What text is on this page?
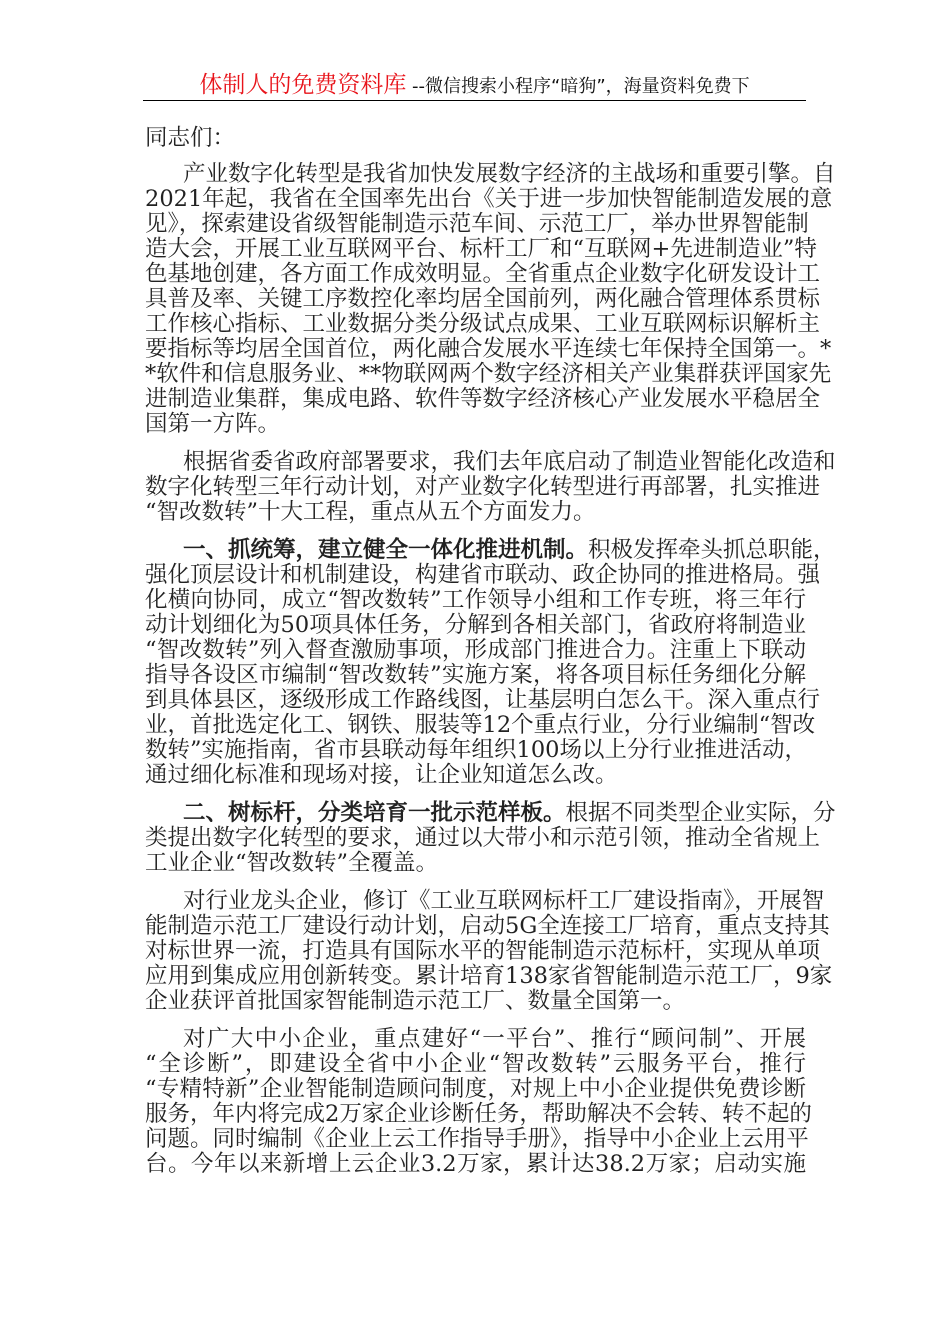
体制人的免费资料库 --微信搜索小程序“暗狗”，海量资料免费下
同志们：
产业数字化转型是我省加快发展数字经济的主战场和重要引擎。自
2021年起，我省在全国率先出台《关于进一步加快智能制造发展的意
见》，探索建设省级智能制造示范车间、示范工厂，举办世界智能制
造大会，开展工业互联网平台、标杆工厂和“互联网+先进制造业”特
色基地创建，各方面工作成效明显。全省重点企业数字化研发设计工
具普及率、关键工序数控化率均居全国前列，两化融合管理体系贯标
工作核心指标、工业数据分类分级试点成果、工业互联网标识解析主
要指标等均居全国首位，两化融合发展水平连续七年保持全国第一。*
*软件和信息服务业、**物联网两个数字经济相关产业集群获评国家先
进制造业集群，集成电路、软件等数字经济核心产业发展水平稳居全
国第一方阵。
根据省委省政府部署要求，我们去年底启动了制造业智能化改造和
数字化转型三年行动计划，对产业数字化转型进行再部署，扎实推进
“智改数转”十大工程，重点从五个方面发力。
一、抓统筹，建立健全一体化推进机制。积极发挥牵头抓总职能，
强化顶层设计和机制建设，构建省市联动、政企协同的推进格局。强
化横向协同，成立“智改数转”工作领导小组和工作专班，将三年行
动计划细化为50项具体任务，分解到各相关部门，省政府将制造业
“智改数转”列入督查激励事项，形成部门推进合力。注重上下联动
指导各设区市编制“智改数转”实施方案，将各项目标任务细化分解
到具体县区，逐级形成工作路线图，让基层明白怎么干。深入重点行
业，首批选定化工、钢铁、服装等12个重点行业，分行业编制“智改
数转”实施指南，省市县联动每年组织100场以上分行业推进活动，
通过细化标准和现场对接，让企业知道怎么改。
二、树标杆，分类培育一批示范样板。根据不同类型企业实际，分
类提出数字化转型的要求，通过以大带小和示范引领，推动全省规上
工业企业“智改数转”全覆盖。
对行业龙头企业，修订《工业互联网标杆工厂建设指南》，开展智
能制造示范工厂建设行动计划，启动5G全连接工厂培育，重点支持其
对标世界一流，打造具有国际水平的智能制造示范标杆，实现从单项
应用到集成应用创新转变。累计培育138家省智能制造示范工厂，9家
企业获评首批国家智能制造示范工厂、数量全国第一。
对广大中小企业，重点建好“一平台”、推行“顾问制”、开展
“全诊断”，即建设全省中小企业“智改数转”云服务平台，推行
“专精特新”企业智能制造顾问制度，对规上中小企业提供免费诊断
服务，年内将完成2万家企业诊断任务，帮助解决不会转、转不起的
问题。同时编制《企业上云工作指导手册》，指导中小企业上云用平
台。今年以来新增上云企业3.2万家，累计达38.2万家；启动实施
